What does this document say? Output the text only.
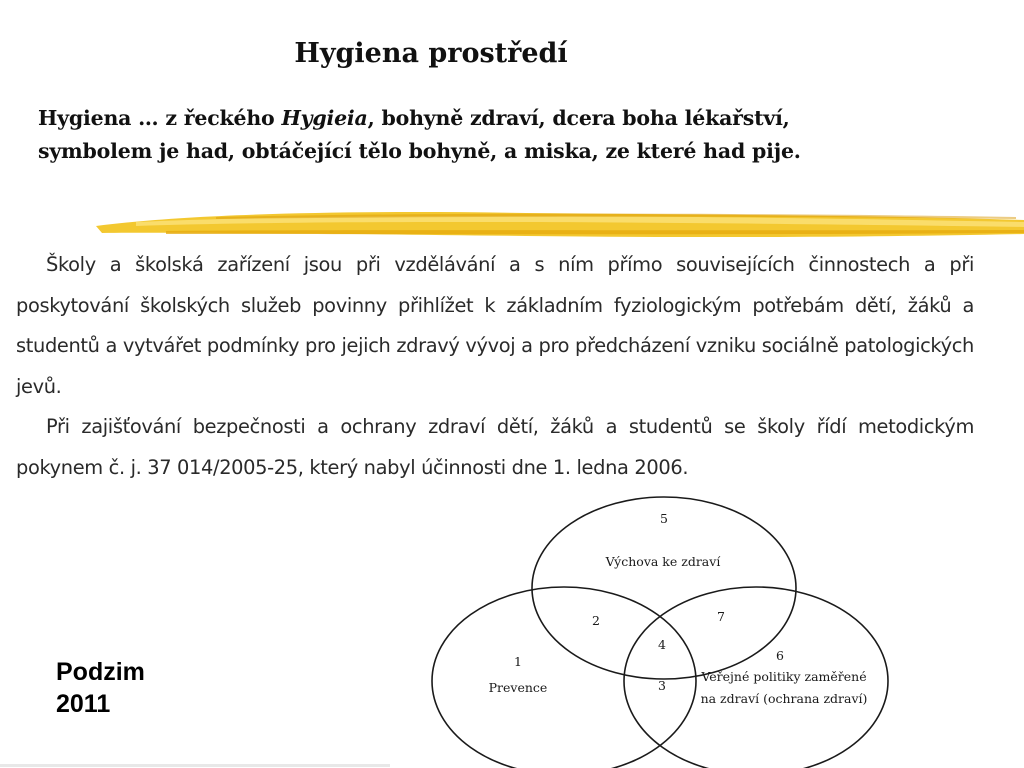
Hygiena prostředí
Hygiena … z řeckého Hygieia, bohyně zdraví, dcera boha lékařství,
symbolem je had, obtáčející tělo bohyně, a miska, ze které had pije.

Školy a školská zařízení jsou při vzdělávání a s ním přímo souvisejících činnostech a při poskytování školských služeb povinny přihlížet k základním fyziologickým potřebám dětí, žáků a studentů a vytvářet podmínky pro jejich zdravý vývoj a pro předcházení vzniku sociálně patologických jevů.

Při zajišťování bezpečnosti a ochrany zdraví dětí, žáků a studentů se školy řídí metodickým pokynem č. j. 37 014/2005-25, který nabyl účinnosti dne 1. ledna 2006.

5
Výchova ke zdraví
2	7
4
1
Prevence	3
6
Veřejné politiky zaměřené
na zdraví (ochrana zdraví)
Podzim
2011
